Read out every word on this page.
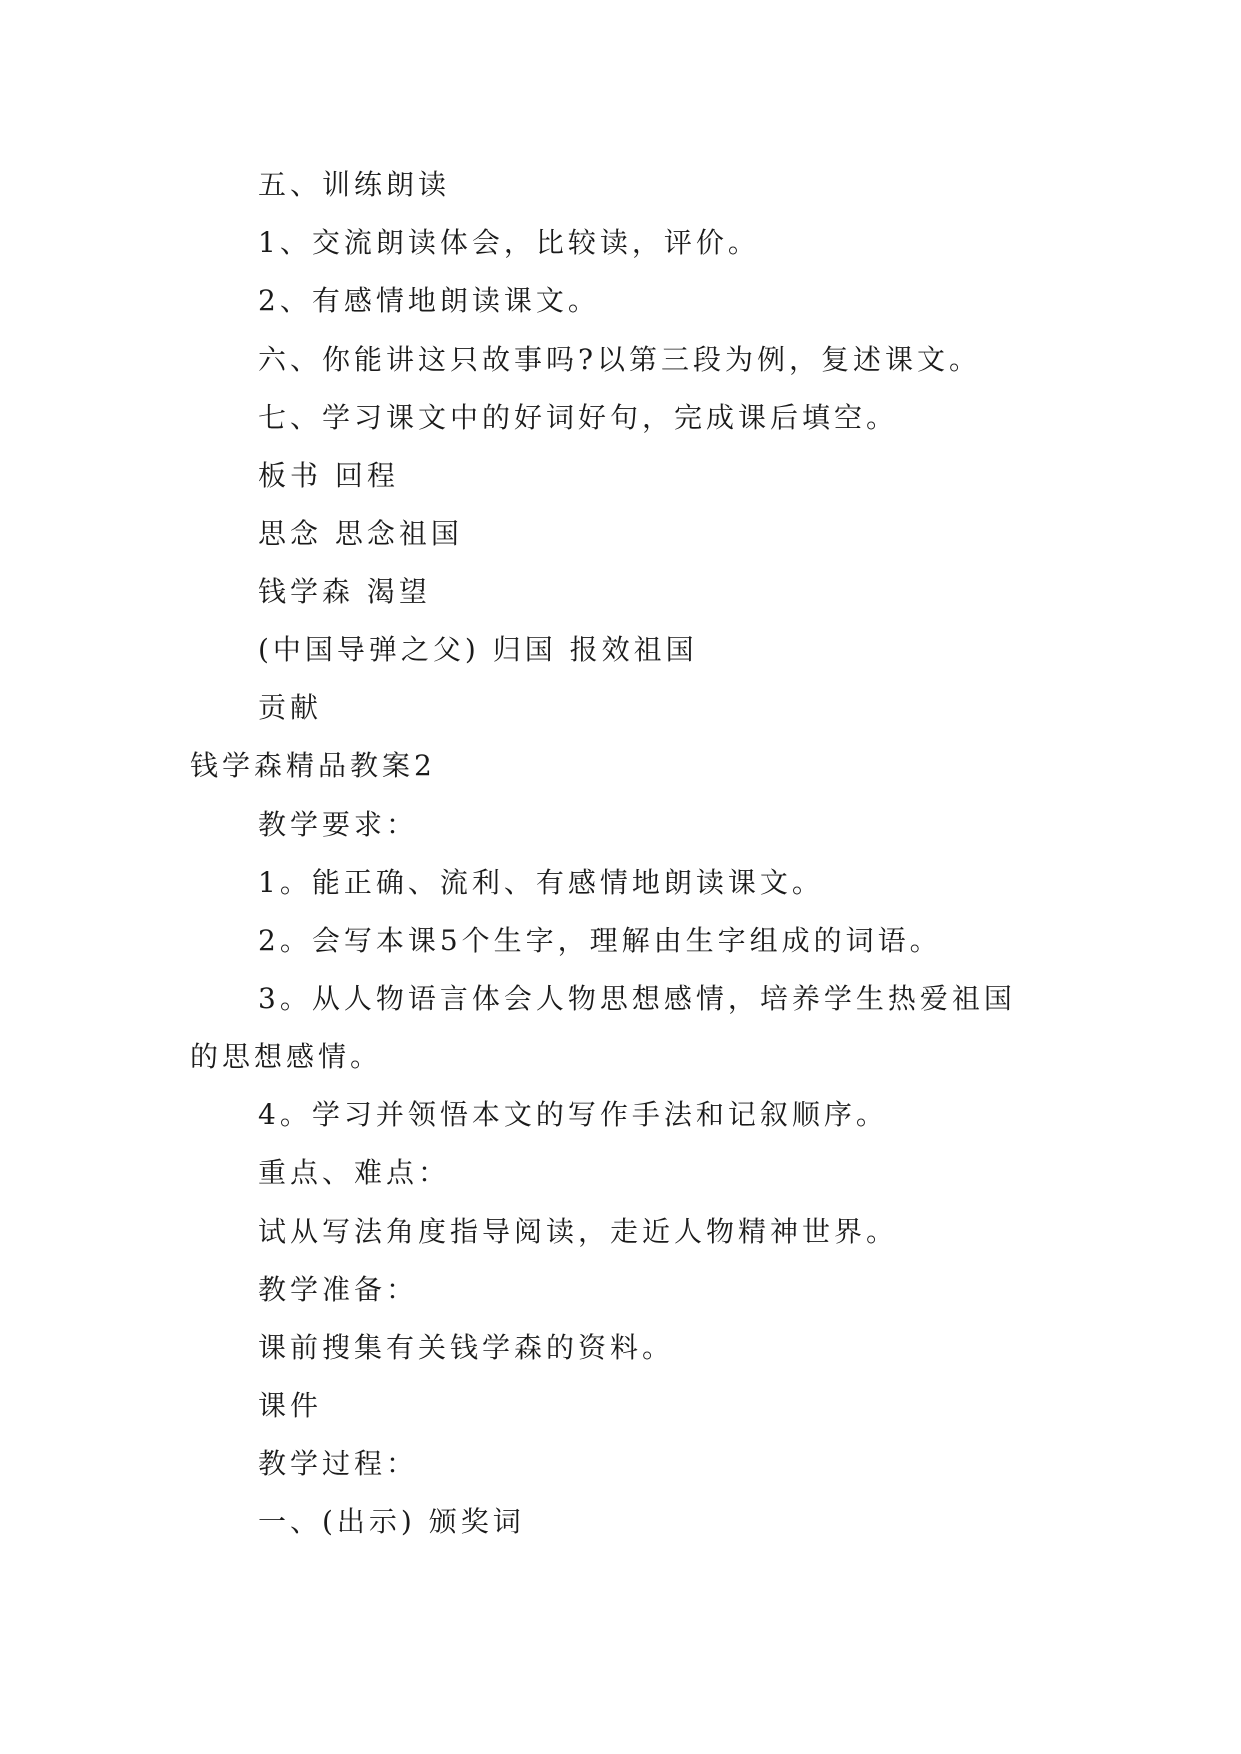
五、训练朗读
1、交流朗读体会，比较读，评价。
2、有感情地朗读课文。
六、你能讲这只故事吗?以第三段为例，复述课文。
七、学习课文中的好词好句，完成课后填空。
板书 回程
思念 思念祖国
钱学森 渴望
(中国导弹之父) 归国 报效祖国
贡献
钱学森精品教案2
教学要求：
1。能正确、流利、有感情地朗读课文。
2。会写本课5个生字，理解由生字组成的词语。
3。从人物语言体会人物思想感情，培养学生热爱祖国
的思想感情。
4。学习并领悟本文的写作手法和记叙顺序。
重点、难点：
试从写法角度指导阅读，走近人物精神世界。
教学准备：
课前搜集有关钱学森的资料。
课件
教学过程：
一、(出示) 颁奖词
